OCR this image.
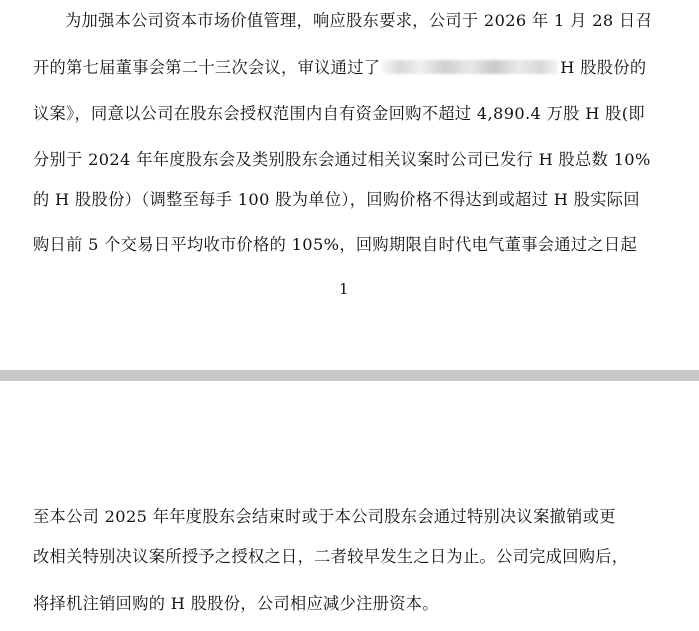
为加强本公司资本市场价值管理，响应股东要求，公司于 2026 年 1 月 28 日召
开的第七届董事会第二十三次会议，审议通过了	H 股股份的
议案》，同意以公司在股东会授权范围内自有资金回购不超过 4,890.4 万股 H 股(即
分别于 2024 年年度股东会及类别股东会通过相关议案时公司已发行 H 股总数 10%
的 H 股股份）（调整至每手 100 股为单位），回购价格不得达到或超过 H 股实际回
购日前 5 个交易日平均收市价格的 105%，回购期限自时代电气董事会通过之日起
1
至本公司 2025 年年度股东会结束时或于本公司股东会通过特别决议案撤销或更
改相关特别决议案所授予之授权之日，二者较早发生之日为止。公司完成回购后，
将择机注销回购的 H 股股份，公司相应减少注册资本。
